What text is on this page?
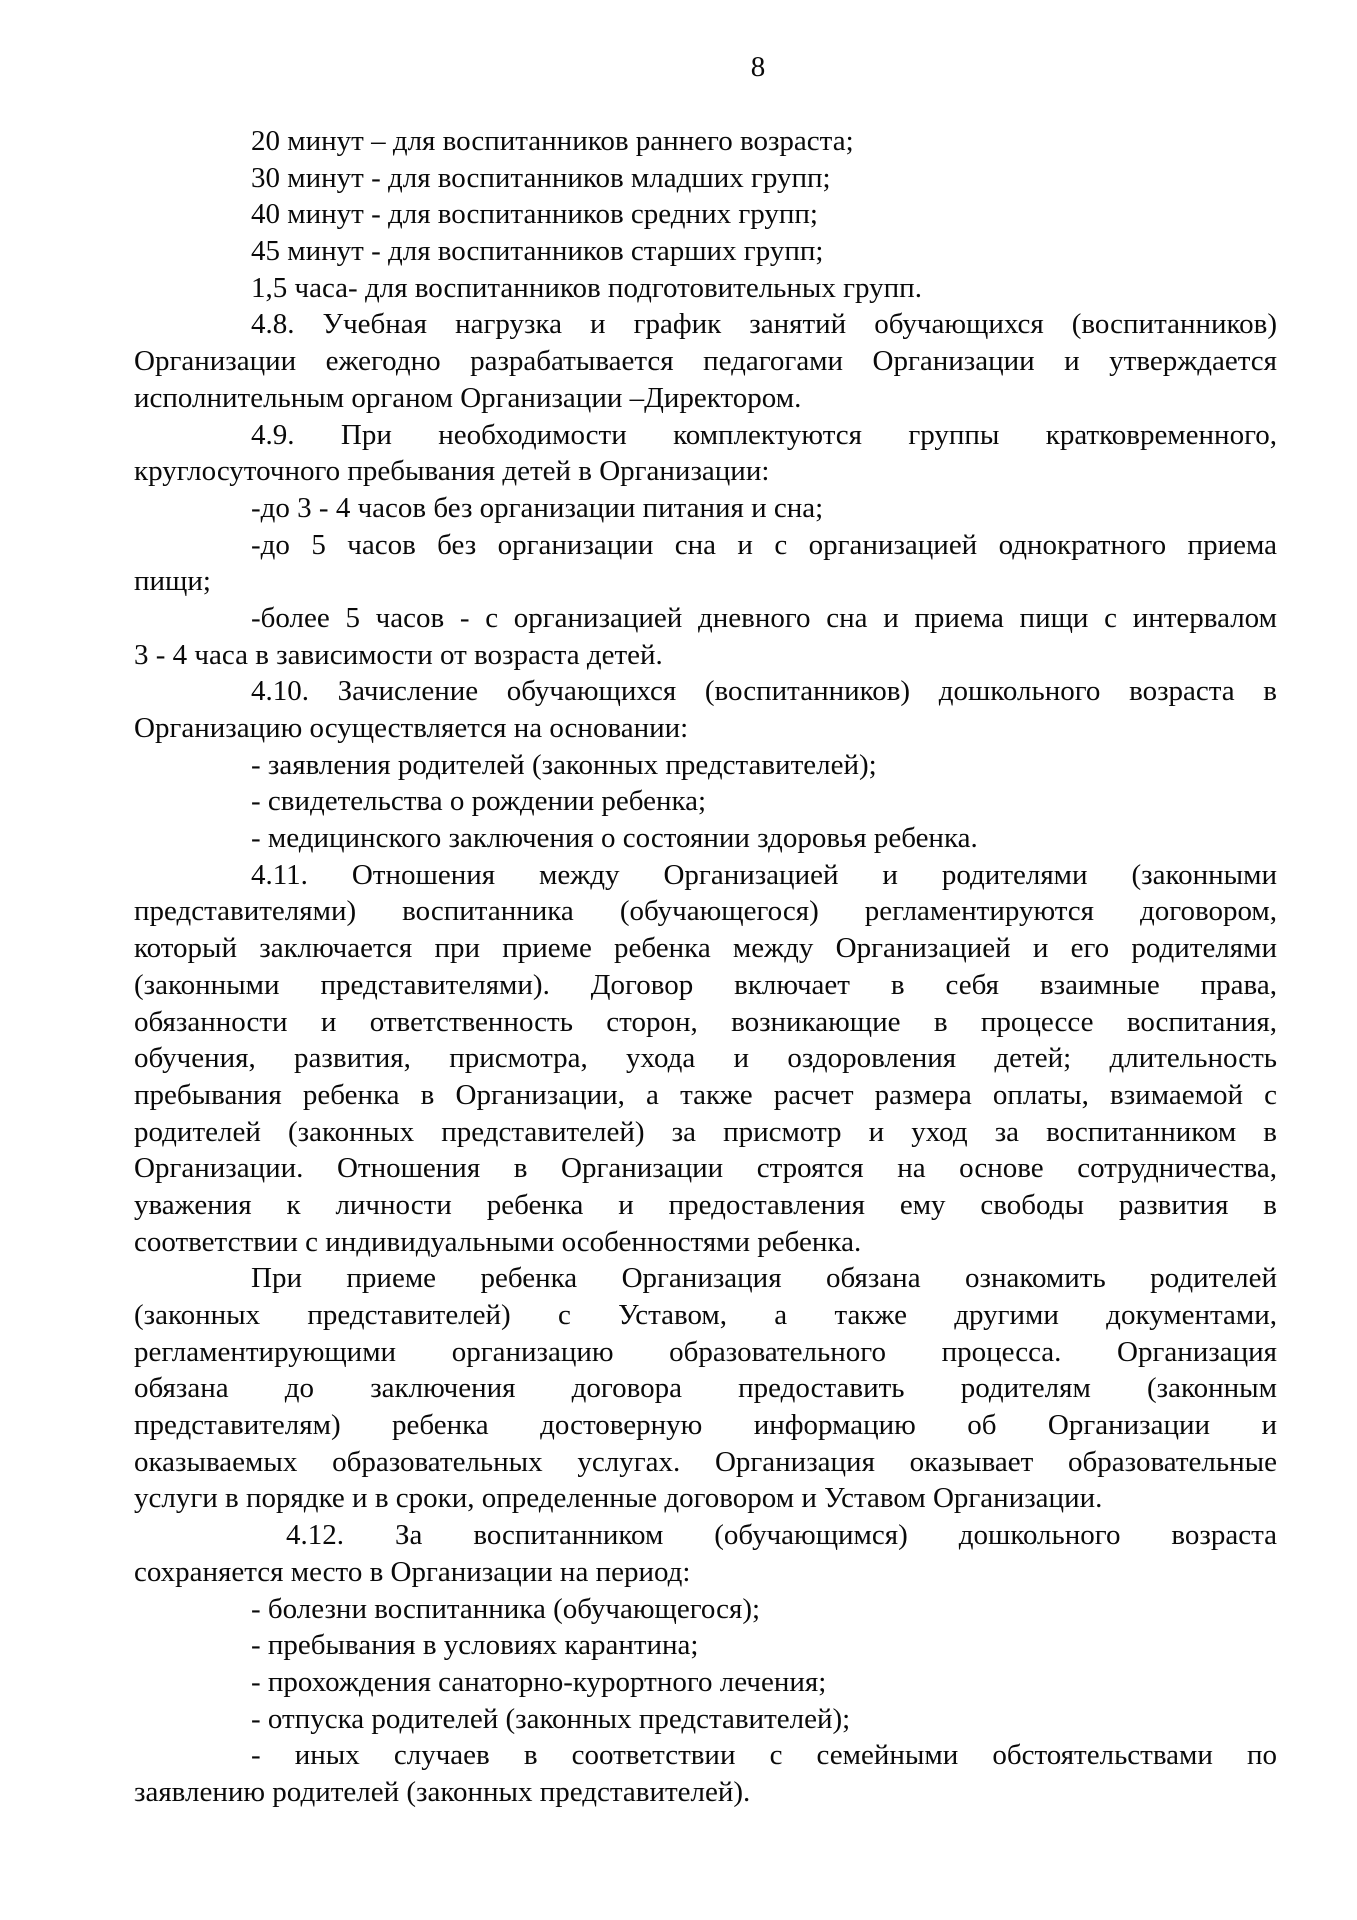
8
20 минут – для воспитанников раннего возраста;
30 минут - для воспитанников младших групп;
40 минут - для воспитанников средних групп;
45 минут - для воспитанников старших групп;
1,5 часа- для воспитанников подготовительных групп.
4.8. Учебная нагрузка и график занятий обучающихся (воспитанников)
Организации ежегодно разрабатывается педагогами Организации и утверждается
исполнительным органом Организации –Директором.
4.9. При необходимости комплектуются группы кратковременного,
круглосуточного пребывания детей в Организации:
-до 3 - 4 часов без организации питания и сна;
-до 5 часов без организации сна и с организацией однократного приема
пищи;
-более 5 часов - с организацией дневного сна и приема пищи с интервалом
3 - 4 часа в зависимости от возраста детей.
4.10. Зачисление обучающихся (воспитанников) дошкольного возраста в
Организацию осуществляется на основании:
- заявления родителей (законных представителей);
- свидетельства о рождении ребенка;
- медицинского заключения о состоянии здоровья ребенка.
4.11. Отношения между Организацией и родителями (законными
представителями) воспитанника (обучающегося) регламентируются договором,
который заключается при приеме ребенка между Организацией и его родителями
(законными представителями). Договор включает в себя взаимные права,
обязанности и ответственность сторон, возникающие в процессе воспитания,
обучения, развития, присмотра, ухода и оздоровления детей; длительность
пребывания ребенка в Организации, а также расчет размера оплаты, взимаемой с
родителей (законных представителей) за присмотр и уход за воспитанником в
Организации. Отношения в Организации строятся на основе сотрудничества,
уважения к личности ребенка и предоставления ему свободы развития в
соответствии с индивидуальными особенностями ребенка.
При приеме ребенка Организация обязана ознакомить родителей
(законных представителей) с Уставом, а также другими документами,
регламентирующими организацию образовательного процесса. Организация
обязана до заключения договора предоставить родителям (законным
представителям) ребенка достоверную информацию об Организации и
оказываемых образовательных услугах. Организация оказывает образовательные
услуги в порядке и в сроки, определенные договором и Уставом Организации.
4.12. За воспитанником (обучающимся) дошкольного возраста
сохраняется место в Организации на период:
- болезни воспитанника (обучающегося);
- пребывания в условиях карантина;
- прохождения санаторно-курортного лечения;
- отпуска родителей (законных представителей);
- иных случаев в соответствии с семейными обстоятельствами по
заявлению родителей (законных представителей).
